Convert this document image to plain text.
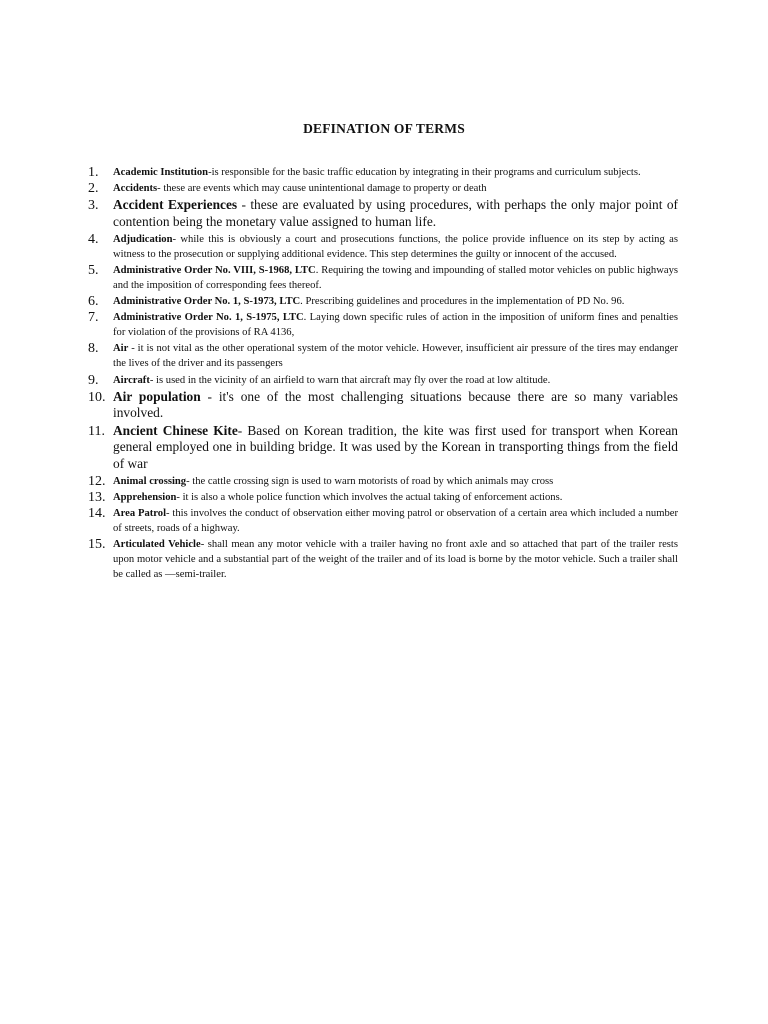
DEFINATION OF TERMS
1.	Academic Institution-is responsible for the basic traffic education by integrating in their programs and curriculum subjects.
2.	Accidents- these are events which may cause unintentional damage to property or death
3.	Accident Experiences - these are evaluated by using procedures, with perhaps the only major point of contention being the monetary value assigned to human life.
4.	Adjudication- while this is obviously a court and prosecutions functions, the police provide influence on its step by acting as witness to the prosecution or supplying additional evidence. This step determines the guilty or innocent of the accused.
5.	Administrative Order No. VIII, S-1968, LTC. Requiring the towing and impounding of stalled motor vehicles on public highways and the imposition of corresponding fees thereof.
6.	Administrative Order No. 1, S-1973, LTC. Prescribing guidelines and procedures in the implementation of PD No. 96.
7.	Administrative Order No. 1, S-1975, LTC. Laying down specific rules of action in the imposition of uniform fines and penalties for violation of the provisions of RA 4136,
8.	Air - it is not vital as the other operational system of the motor vehicle. However, insufficient air pressure of the tires may endanger the lives of the driver and its passengers
9.	Aircraft- is used in the vicinity of an airfield to warn that aircraft may fly over the road at low altitude.
10. Air population - it's one of the most challenging situations because there are so many variables involved.
11. Ancient Chinese Kite- Based on Korean tradition, the kite was first used for transport when Korean general employed one in building bridge. It was used by the Korean in transporting things from the field of war
12. Animal crossing- the cattle crossing sign is used to warn motorists of road by which animals may cross
13. Apprehension- it is also a whole police function which involves the actual taking of enforcement actions.
14. Area Patrol- this involves the conduct of observation either moving patrol or observation of a certain area which included a number of streets, roads of a highway.
15. Articulated Vehicle- shall mean any motor vehicle with a trailer having no front axle and so attached that part of the trailer rests upon motor vehicle and a substantial part of the weight of the trailer and of its load is borne by the motor vehicle. Such a trailer shall be called as —semi-trailer.
